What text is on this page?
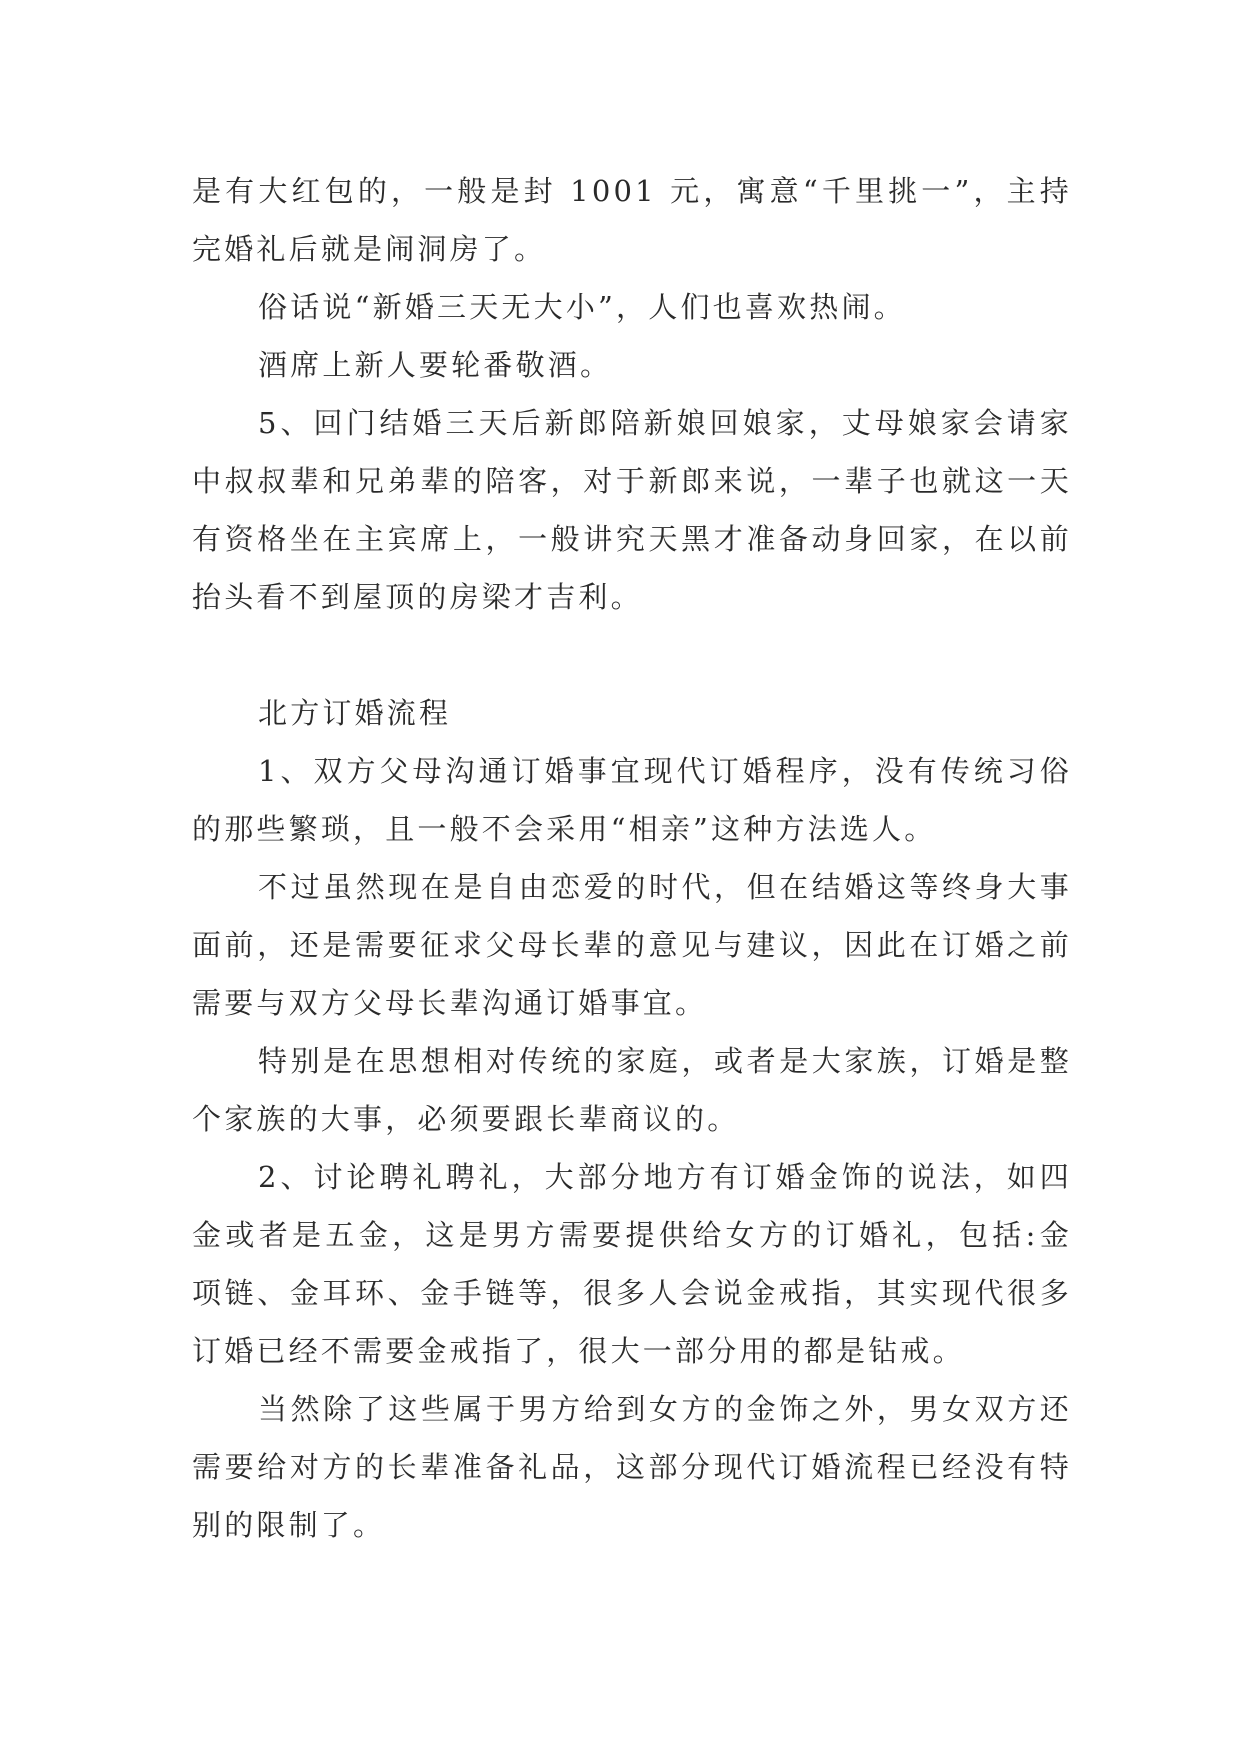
是有大红包的，一般是封 1001 元，寓意“千里挑一”，主持完婚礼后就是闹洞房了。

俗话说“新婚三天无大小”，人们也喜欢热闹。

酒席上新人要轮番敬酒。

5、回门结婚三天后新郎陪新娘回娘家，丈母娘家会请家中叔叔辈和兄弟辈的陪客，对于新郎来说，一辈子也就这一天有资格坐在主宾席上，一般讲究天黑才准备动身回家，在以前抬头看不到屋顶的房梁才吉利。

北方订婚流程

1、双方父母沟通订婚事宜现代订婚程序，没有传统习俗的那些繁琐，且一般不会采用“相亲”这种方法选人。

不过虽然现在是自由恋爱的时代，但在结婚这等终身大事面前，还是需要征求父母长辈的意见与建议，因此在订婚之前需要与双方父母长辈沟通订婚事宜。

特别是在思想相对传统的家庭，或者是大家族，订婚是整个家族的大事，必须要跟长辈商议的。

2、讨论聘礼聘礼，大部分地方有订婚金饰的说法，如四金或者是五金，这是男方需要提供给女方的订婚礼，包括:金项链、金耳环、金手链等，很多人会说金戒指，其实现代很多订婚已经不需要金戒指了，很大一部分用的都是钻戒。

当然除了这些属于男方给到女方的金饰之外，男女双方还需要给对方的长辈准备礼品，这部分现代订婚流程已经没有特别的限制了。
